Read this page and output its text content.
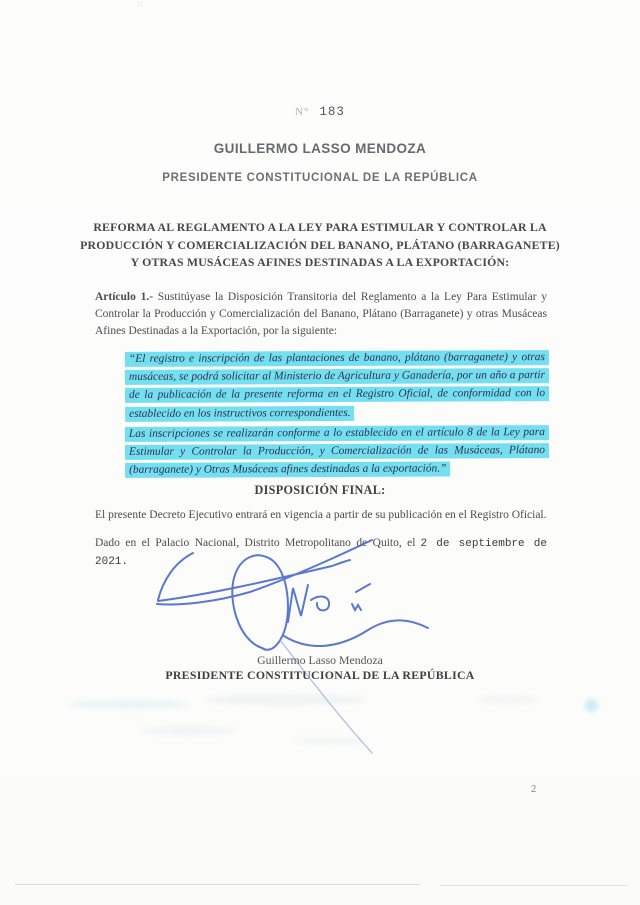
⁙
N° 183
GUILLERMO LASSO MENDOZA
PRESIDENTE CONSTITUCIONAL DE LA REPÚBLICA
REFORMA AL REGLAMENTO A LA LEY PARA ESTIMULAR Y CONTROLAR LA
PRODUCCIÓN Y COMERCIALIZACIÓN DEL BANANO, PLÁTANO (BARRAGANETE)
Y OTRAS MUSÁCEAS AFINES DESTINADAS A LA EXPORTACIÓN:

Artículo 1.- Sustitúyase la Disposición Transitoria del Reglamento a la Ley Para Estimular y Controlar la Producción y Comercialización del Banano, Plátano (Barraganete) y otras Musáceas Afines Destinadas a la Exportación, por la siguiente:

“El registro e inscripción de las plantaciones de banano, plátano (barraganete) y otras musáceas, se podrá solicitar al Ministerio de Agricultura y Ganadería, por un año a partir de la publicación de la presente reforma en el Registro Oficial, de conformidad con lo establecido en los instructivos correspondientes.

Las inscripciones se realizarán conforme a lo establecido en el artículo 8 de la Ley para Estimular y Controlar la Producción, y Comercialización de las Musáceas, Plátano (barraganete) y Otras Musáceas afines destinadas a la exportación.”

DISPOSICIÓN FINAL:

El presente Decreto Ejecutivo entrará en vigencia a partir de su publicación en el Registro Oficial.

Dado en el Palacio Nacional, Distrito Metropolitano de Quito, el 2 de septiembre de 2021.

Guillermo Lasso Mendoza
PRESIDENTE CONSTITUCIONAL DE LA REPÚBLICA
2
